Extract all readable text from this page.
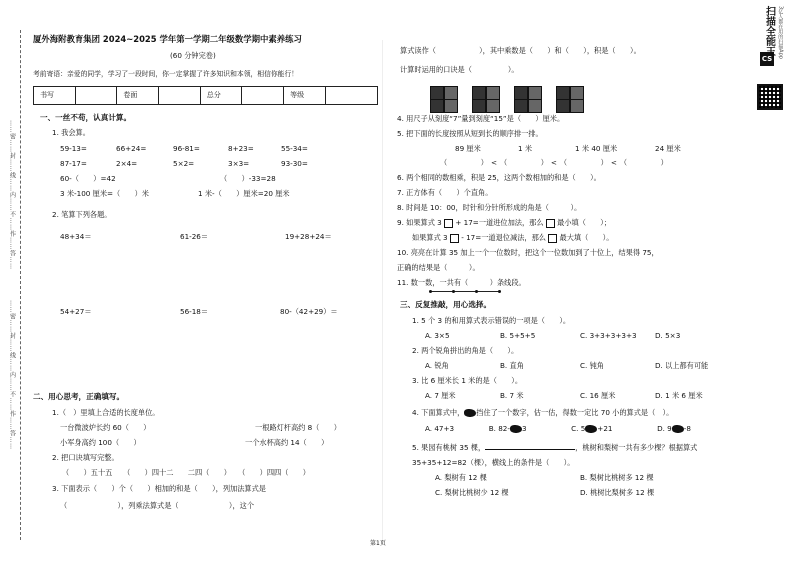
……密……封……线……内……不……作……答……
……密……封……线……内……不……作……答……
厦外海附教育集团 2024~2025 学年第一学期二年级数学期中素养练习
(60 分钟完卷)
考前寄语：亲爱的同学，学习了一段时间，你一定掌握了许多知识和本领，相信你能行！
书写		卷面		总分		等级	
一、一丝不苟，认真计算。
1. 我会算。
59-13=	66+24=	96-81=	8+23=	55-34=
87-17=	2×4=	5×2=	3×3=	93-30=
60-（　　）=42	（　　）-33=28
3 米-100 厘米=（　　）米	1 米-（　　）厘米=20 厘米
2. 笔算下列各题。
48+34＝	61-26＝	19+28+24＝
54+27＝	56-18＝	80-（42+29）＝
二、用心思考，正确填写。
1.（　）里填上合适的长度单位。
一台微波炉长约 60（　　）	一根路灯杆高约 8（　　）
小军身高约 100（　　）	一个水杯高约 14（　　）
2. 把口诀填写完整。
（　　）五十五　　（　　）四十二　　二四（　　）　　（　　）四四（　　）
3. 下面表示（　　）个（　　）相加的和是（　　），列加法算式是
（　　　　　　　），列乘法算式是（　　　　　　　），这个
算式读作（　　　　　　），其中乘数是（　　）和（　　），积是（　　）。
计算时运用的口诀是（　　　　　）。
4. 用尺子从刻度“7”量到刻度“15”是（　　）厘米。
5. 把下面的长度按照从短到长的顺序排一排。
89 厘米	1 米	1 米 40 厘米	24 厘米
（　　　）<（　　　）<（　　　）<（　　　）
6. 两个相同的数相乘，积是 25，这两个数相加的和是（　　）。
7. 正方体有（　　）个直角。
8. 时间是 10：00，时针和分针所形成的角是（　　　）。
9. 如果算式 3 + 17=一道进位加法，那么 最小填（　　）；
如果算式 3 - 17=一道退位减法，那么 最大填（　　）。
10. 亮亮在计算 35 加上一个一位数时，把这个一位数加到了十位上，结果得 75，
正确的结果是（　　　）。
11. 数一数，一共有（　　　）条线段。
三、反复推敲，用心选择。
1. 5 个 3 的和用算式表示错误的一项是（　　）。
A. 3×5	B. 5+5+5	C. 3+3+3+3+3	D. 5×3
2. 两个锐角拼出的角是（　　）。
A. 锐角	B. 直角	C. 钝角	D. 以上都有可能
3. 比 6 厘米长 1 米的是（　　）。
A. 7 厘米	B. 7 米	C. 16 厘米	D. 1 米 6 厘米
4. 下面算式中， 挡住了一个数字，估一估，得数一定比 70 小的算式是（　）。
A. 47+3	B. 82- 3	C. 5 +21	D. 9 -8
5. 果园有桃树 35 棵，	，桃树和梨树一共有多少棵？根据算式
35+35+12=82（棵），横线上的条件是（　　）。
A. 梨树有 12 棵	B. 梨树比桃树多 12 棵
C. 梨树比桃树少 12 棵	D. 桃树比梨树多 12 棵
第1页
CS
扫描全能王 3亿人都在用的扫描App
